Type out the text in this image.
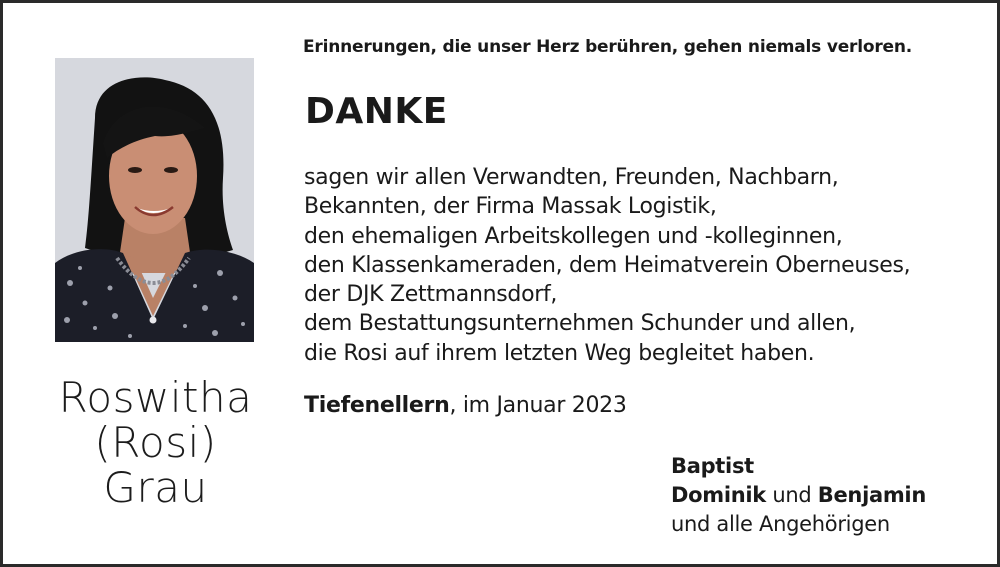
Roswitha
(Rosi)
Grau
Erinnerungen, die unser Herz berühren, gehen niemals verloren.
DANKE
sagen wir allen Verwandten, Freunden, Nachbarn,
Bekannten, der Firma Massak Logistik,
den ehemaligen Arbeitskollegen und -kolleginnen,
den Klassenkameraden, dem Heimatverein Oberneuses,
der DJK Zettmannsdorf,
dem Bestattungsunternehmen Schunder und allen,
die Rosi auf ihrem letzten Weg begleitet haben.
Tiefenellern, im Januar 2023
Baptist
Dominik und Benjamin
und alle Angehörigen
